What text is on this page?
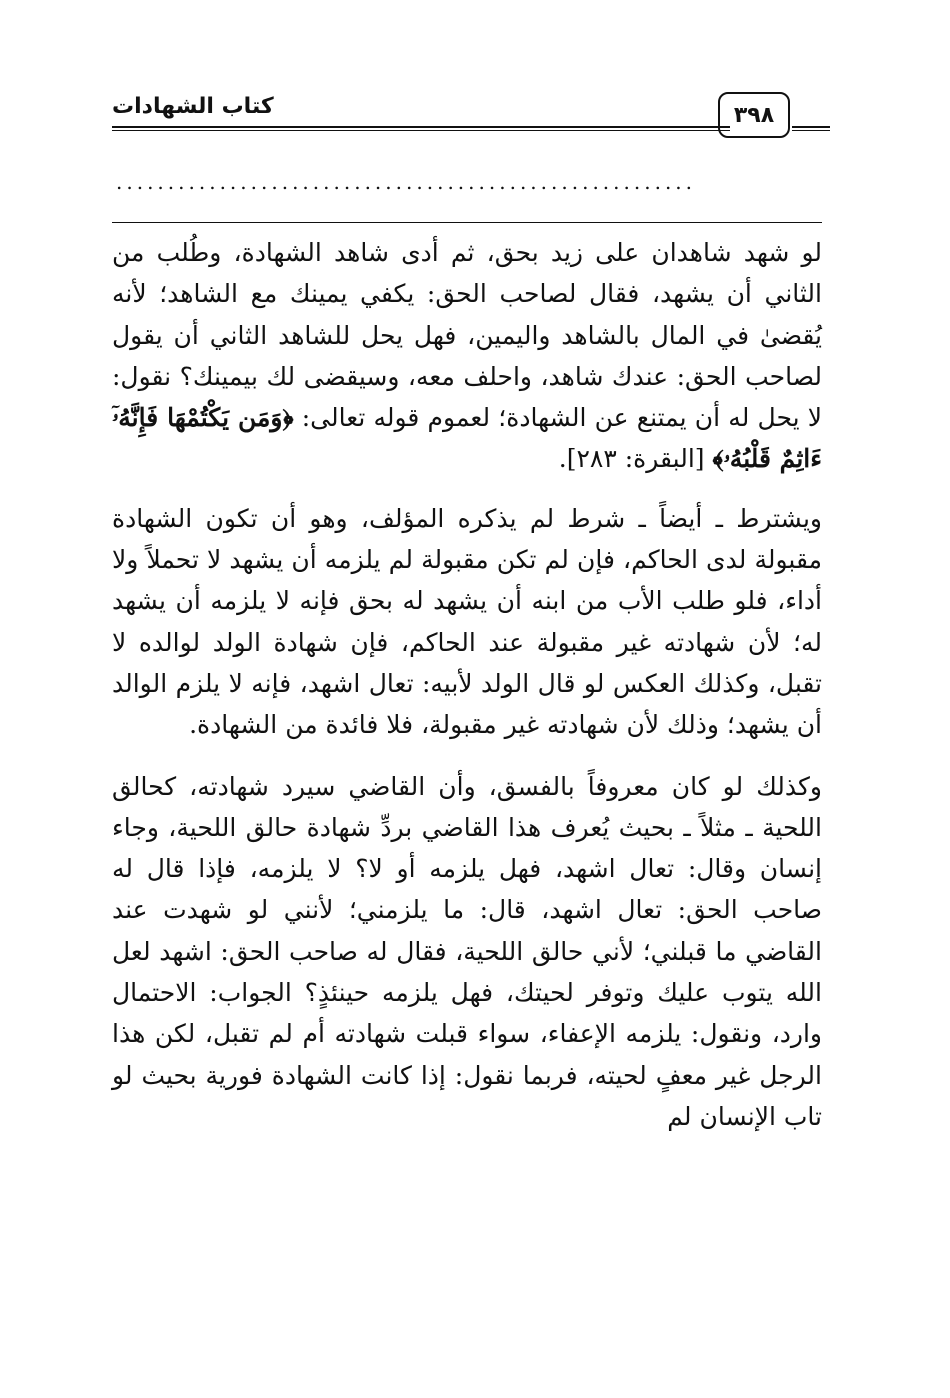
كتاب الشهادات	٣٩٨
........................................................

لو شهد شاهدان على زيد بحق، ثم أدى شاهد الشهادة، وطُلب من الثاني أن يشهد، فقال لصاحب الحق: يكفي يمينك مع الشاهد؛ لأنه يُقضىٰ في المال بالشاهد واليمين، فهل يحل للشاهد الثاني أن يقول لصاحب الحق: عندك شاهد، واحلف معه، وسيقضى لك بيمينك؟ نقول: لا يحل له أن يمتنع عن الشهادة؛ لعموم قوله تعالى: ﴿وَمَن يَكْتُمْهَا فَإِنَّهُۥٓ ءَاثِمٌ قَلْبُهُۥ﴾ [البقرة: ٢٨٣].

ويشترط ـ أيضاً ـ شرط لم يذكره المؤلف، وهو أن تكون الشهادة مقبولة لدى الحاكم، فإن لم تكن مقبولة لم يلزمه أن يشهد لا تحملاً ولا أداء، فلو طلب الأب من ابنه أن يشهد له بحق فإنه لا يلزمه أن يشهد له؛ لأن شهادته غير مقبولة عند الحاكم، فإن شهادة الولد لوالده لا تقبل، وكذلك العكس لو قال الولد لأبيه: تعال اشهد، فإنه لا يلزم الوالد أن يشهد؛ وذلك لأن شهادته غير مقبولة، فلا فائدة من الشهادة.

وكذلك لو كان معروفاً بالفسق، وأن القاضي سيرد شهادته، كحالق اللحية ـ مثلاً ـ بحيث يُعرف هذا القاضي بردِّ شهادة حالق اللحية، وجاء إنسان وقال: تعال اشهد، فهل يلزمه أو لا؟ لا يلزمه، فإذا قال له صاحب الحق: تعال اشهد، قال: ما يلزمني؛ لأنني لو شهدت عند القاضي ما قبلني؛ لأني حالق اللحية، فقال له صاحب الحق: اشهد لعل الله يتوب عليك وتوفر لحيتك، فهل يلزمه حينئذٍ؟ الجواب: الاحتمال وارد، ونقول: يلزمه الإعفاء، سواء قبلت شهادته أم لم تقبل، لكن هذا الرجل غير معفٍ لحيته، فربما نقول: إذا كانت الشهادة فورية بحيث لو تاب الإنسان لم
